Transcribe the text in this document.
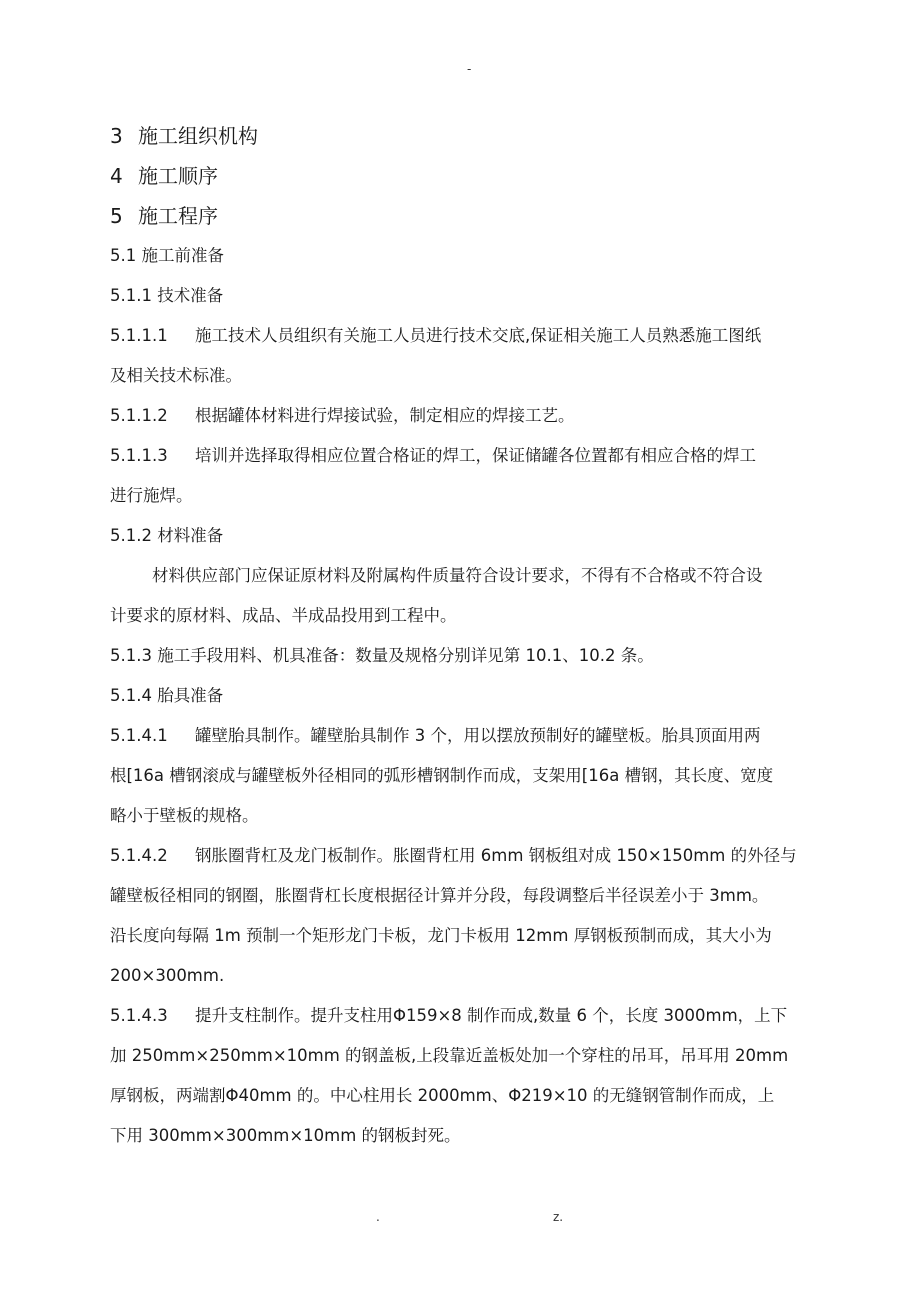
-

3 施工组织机构

4 施工顺序

5 施工程序

5.1 施工前准备

5.1.1 技术准备

5.1.1.1	施工技术人员组织有关施工人员进行技术交底,保证相关施工人员熟悉施工图纸

及相关技术标准。

5.1.1.2	根据罐体材料进行焊接试验，制定相应的焊接工艺。
5.1.1.3	培训并选择取得相应位置合格证的焊工，保证储罐各位置都有相应合格的焊工

进行施焊。

5.1.2 材料准备

材料供应部门应保证原材料及附属构件质量符合设计要求，不得有不合格或不符合设

计要求的原材料、成品、半成品投用到工程中。

5.1.3 施工手段用料、机具准备：数量及规格分别详见第 10.1、10.2 条。

5.1.4 胎具准备

5.1.4.1	罐壁胎具制作。罐壁胎具制作 3 个，用以摆放预制好的罐壁板。胎具顶面用两

根[16a 槽钢滚成与罐壁板外径相同的弧形槽钢制作而成，支架用[16a 槽钢，其长度、宽度

略小于壁板的规格。

5.1.4.2	钢胀圈背杠及龙门板制作。胀圈背杠用 6mm 钢板组对成 150×150mm 的外径与

罐壁板径相同的钢圈，胀圈背杠长度根据径计算并分段，每段调整后半径误差小于 3mm。

沿长度向每隔 1m 预制一个矩形龙门卡板，龙门卡板用 12mm 厚钢板预制而成，其大小为

200×300mm.

5.1.4.3	提升支柱制作。提升支柱用Φ159×8 制作而成,数量 6 个，长度 3000mm，上下

加 250mm×250mm×10mm 的钢盖板,上段靠近盖板处加一个穿柱的吊耳，吊耳用 20mm

厚钢板，两端割Φ40mm 的。中心柱用长 2000mm、Φ219×10 的无缝钢管制作而成，上

下用 300mm×300mm×10mm 的钢板封死。

.	z.
